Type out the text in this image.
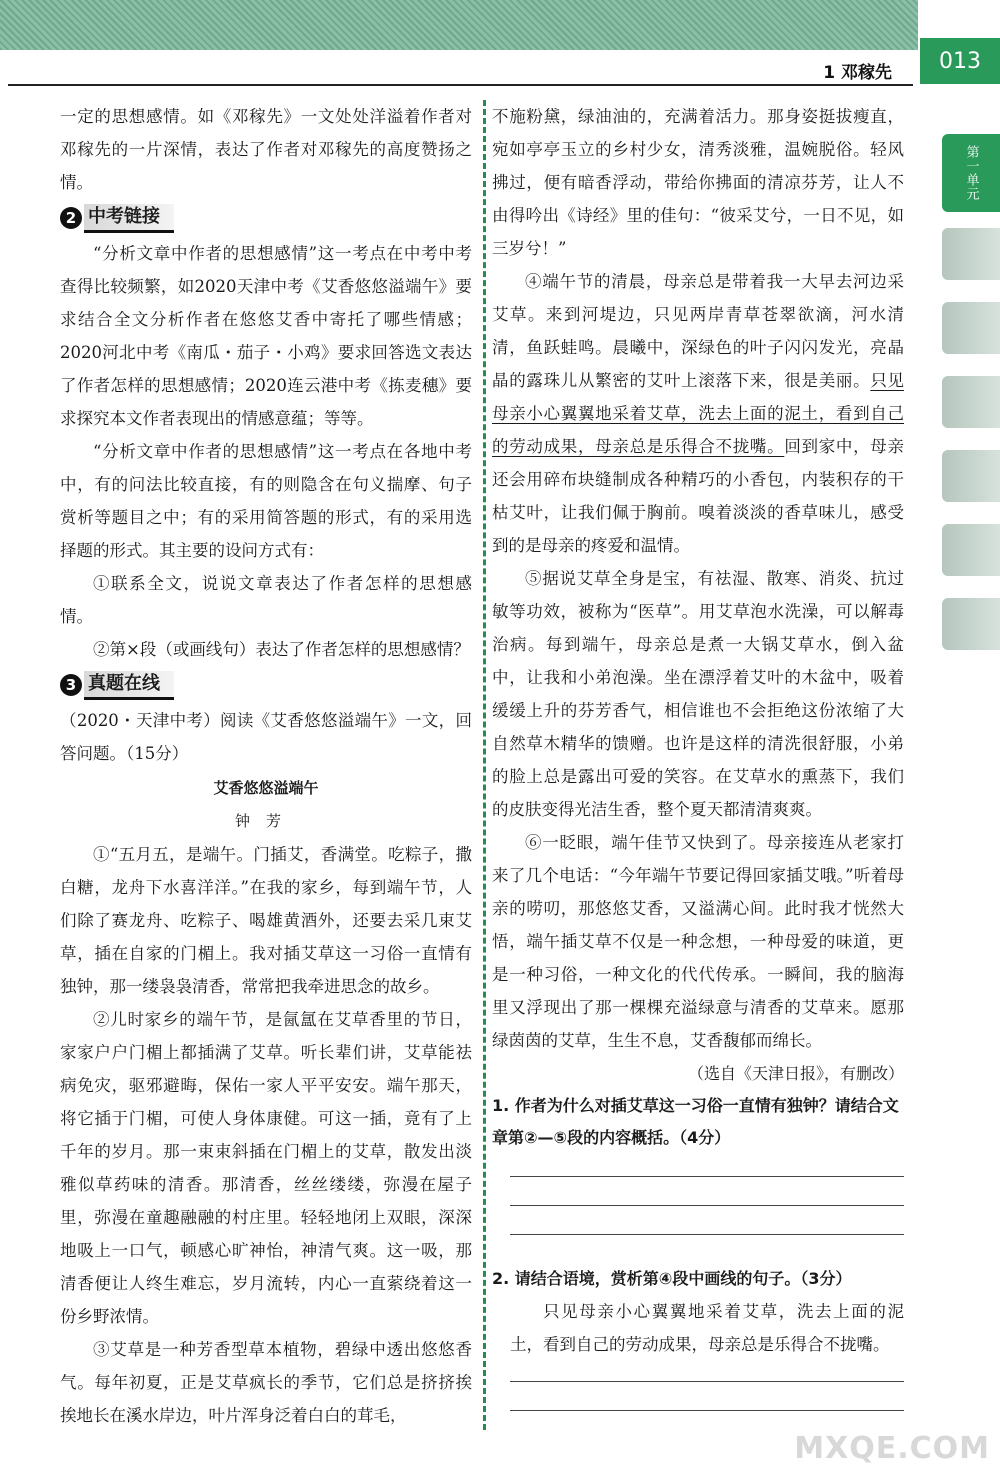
1 邓稼先	013
第一单元

一定的思想感情。如《邓稼先》一文处处洋溢着作者对邓稼先的一片深情，表达了作者对邓稼先的高度赞扬之情。

2 中考链接

“分析文章中作者的思想感情”这一考点在中考中考查得比较频繁，如2020天津中考《艾香悠悠溢端午》要求结合全文分析作者在悠悠艾香中寄托了哪些情感；2020河北中考《南瓜・茄子・小鸡》要求回答选文表达了作者怎样的思想感情；2020连云港中考《拣麦穗》要求探究本文作者表现出的情感意蕴；等等。

“分析文章中作者的思想感情”这一考点在各地中考中，有的问法比较直接，有的则隐含在句义揣摩、句子赏析等题目之中；有的采用简答题的形式，有的采用选择题的形式。其主要的设问方式有：

①联系全文，说说文章表达了作者怎样的思想感情。

②第×段（或画线句）表达了作者怎样的思想感情？

3 真题在线

（2020・天津中考）阅读《艾香悠悠溢端午》一文，回答问题。（15分）

艾香悠悠溢端午
钟芳

①“五月五，是端午。门插艾，香满堂。吃粽子，撒白糖，龙舟下水喜洋洋。”在我的家乡，每到端午节，人们除了赛龙舟、吃粽子、喝雄黄酒外，还要去采几束艾草，插在自家的门楣上。我对插艾草这一习俗一直情有独钟，那一缕袅袅清香，常常把我牵进思念的故乡。

②儿时家乡的端午节，是氤氲在艾草香里的节日，家家户户门楣上都插满了艾草。听长辈们讲，艾草能祛病免灾，驱邪避晦，保佑一家人平平安安。端午那天，将它插于门楣，可使人身体康健。可这一插，竟有了上千年的岁月。那一束束斜插在门楣上的艾草，散发出淡雅似草药味的清香。那清香，丝丝缕缕，弥漫在屋子里，弥漫在童趣融融的村庄里。轻轻地闭上双眼，深深地吸上一口气，顿感心旷神怡，神清气爽。这一吸，那清香便让人终生难忘，岁月流转，内心一直萦绕着这一份乡野浓情。

③艾草是一种芳香型草本植物，碧绿中透出悠悠香气。每年初夏，正是艾草疯长的季节，它们总是挤挤挨挨地长在溪水岸边，叶片浑身泛着白白的茸毛，

不施粉黛，绿油油的，充满着活力。那身姿挺拔瘦直，宛如亭亭玉立的乡村少女，清秀淡雅，温婉脱俗。轻风拂过，便有暗香浮动，带给你拂面的清凉芬芳，让人不由得吟出《诗经》里的佳句：“彼采艾兮，一日不见，如三岁兮！”

④端午节的清晨，母亲总是带着我一大早去河边采艾草。来到河堤边，只见两岸青草苍翠欲滴，河水清清，鱼跃蛙鸣。晨曦中，深绿色的叶子闪闪发光，亮晶晶的露珠儿从繁密的艾叶上滚落下来，很是美丽。只见母亲小心翼翼地采着艾草，洗去上面的泥土，看到自己的劳动成果，母亲总是乐得合不拢嘴。回到家中，母亲还会用碎布块缝制成各种精巧的小香包，内装积存的干枯艾叶，让我们佩于胸前。嗅着淡淡的香草味儿，感受到的是母亲的疼爱和温情。

⑤据说艾草全身是宝，有祛湿、散寒、消炎、抗过敏等功效，被称为“医草”。用艾草泡水洗澡，可以解毒治病。每到端午，母亲总是煮一大锅艾草水，倒入盆中，让我和小弟泡澡。坐在漂浮着艾叶的木盆中，吸着缓缓上升的芬芳香气，相信谁也不会拒绝这份浓缩了大自然草木精华的馈赠。也许是这样的清洗很舒服，小弟的脸上总是露出可爱的笑容。在艾草水的熏蒸下，我们的皮肤变得光洁生香，整个夏天都清清爽爽。

⑥一眨眼，端午佳节又快到了。母亲接连从老家打来了几个电话：“今年端午节要记得回家插艾哦。”听着母亲的唠叨，那悠悠艾香，又溢满心间。此时我才恍然大悟，端午插艾草不仅是一种念想，一种母爱的味道，更是一种习俗，一种文化的代代传承。一瞬间，我的脑海里又浮现出了那一棵棵充溢绿意与清香的艾草来。愿那绿茵茵的艾草，生生不息，艾香馥郁而绵长。

（选自《天津日报》，有删改）

1. 作者为什么对插艾草这一习俗一直情有独钟？请结合文章第②—⑤段的内容概括。（4分）
2. 请结合语境，赏析第④段中画线的句子。（3分）

只见母亲小心翼翼地采着艾草，洗去上面的泥土，看到自己的劳动成果，母亲总是乐得合不拢嘴。

MXQE.COM
